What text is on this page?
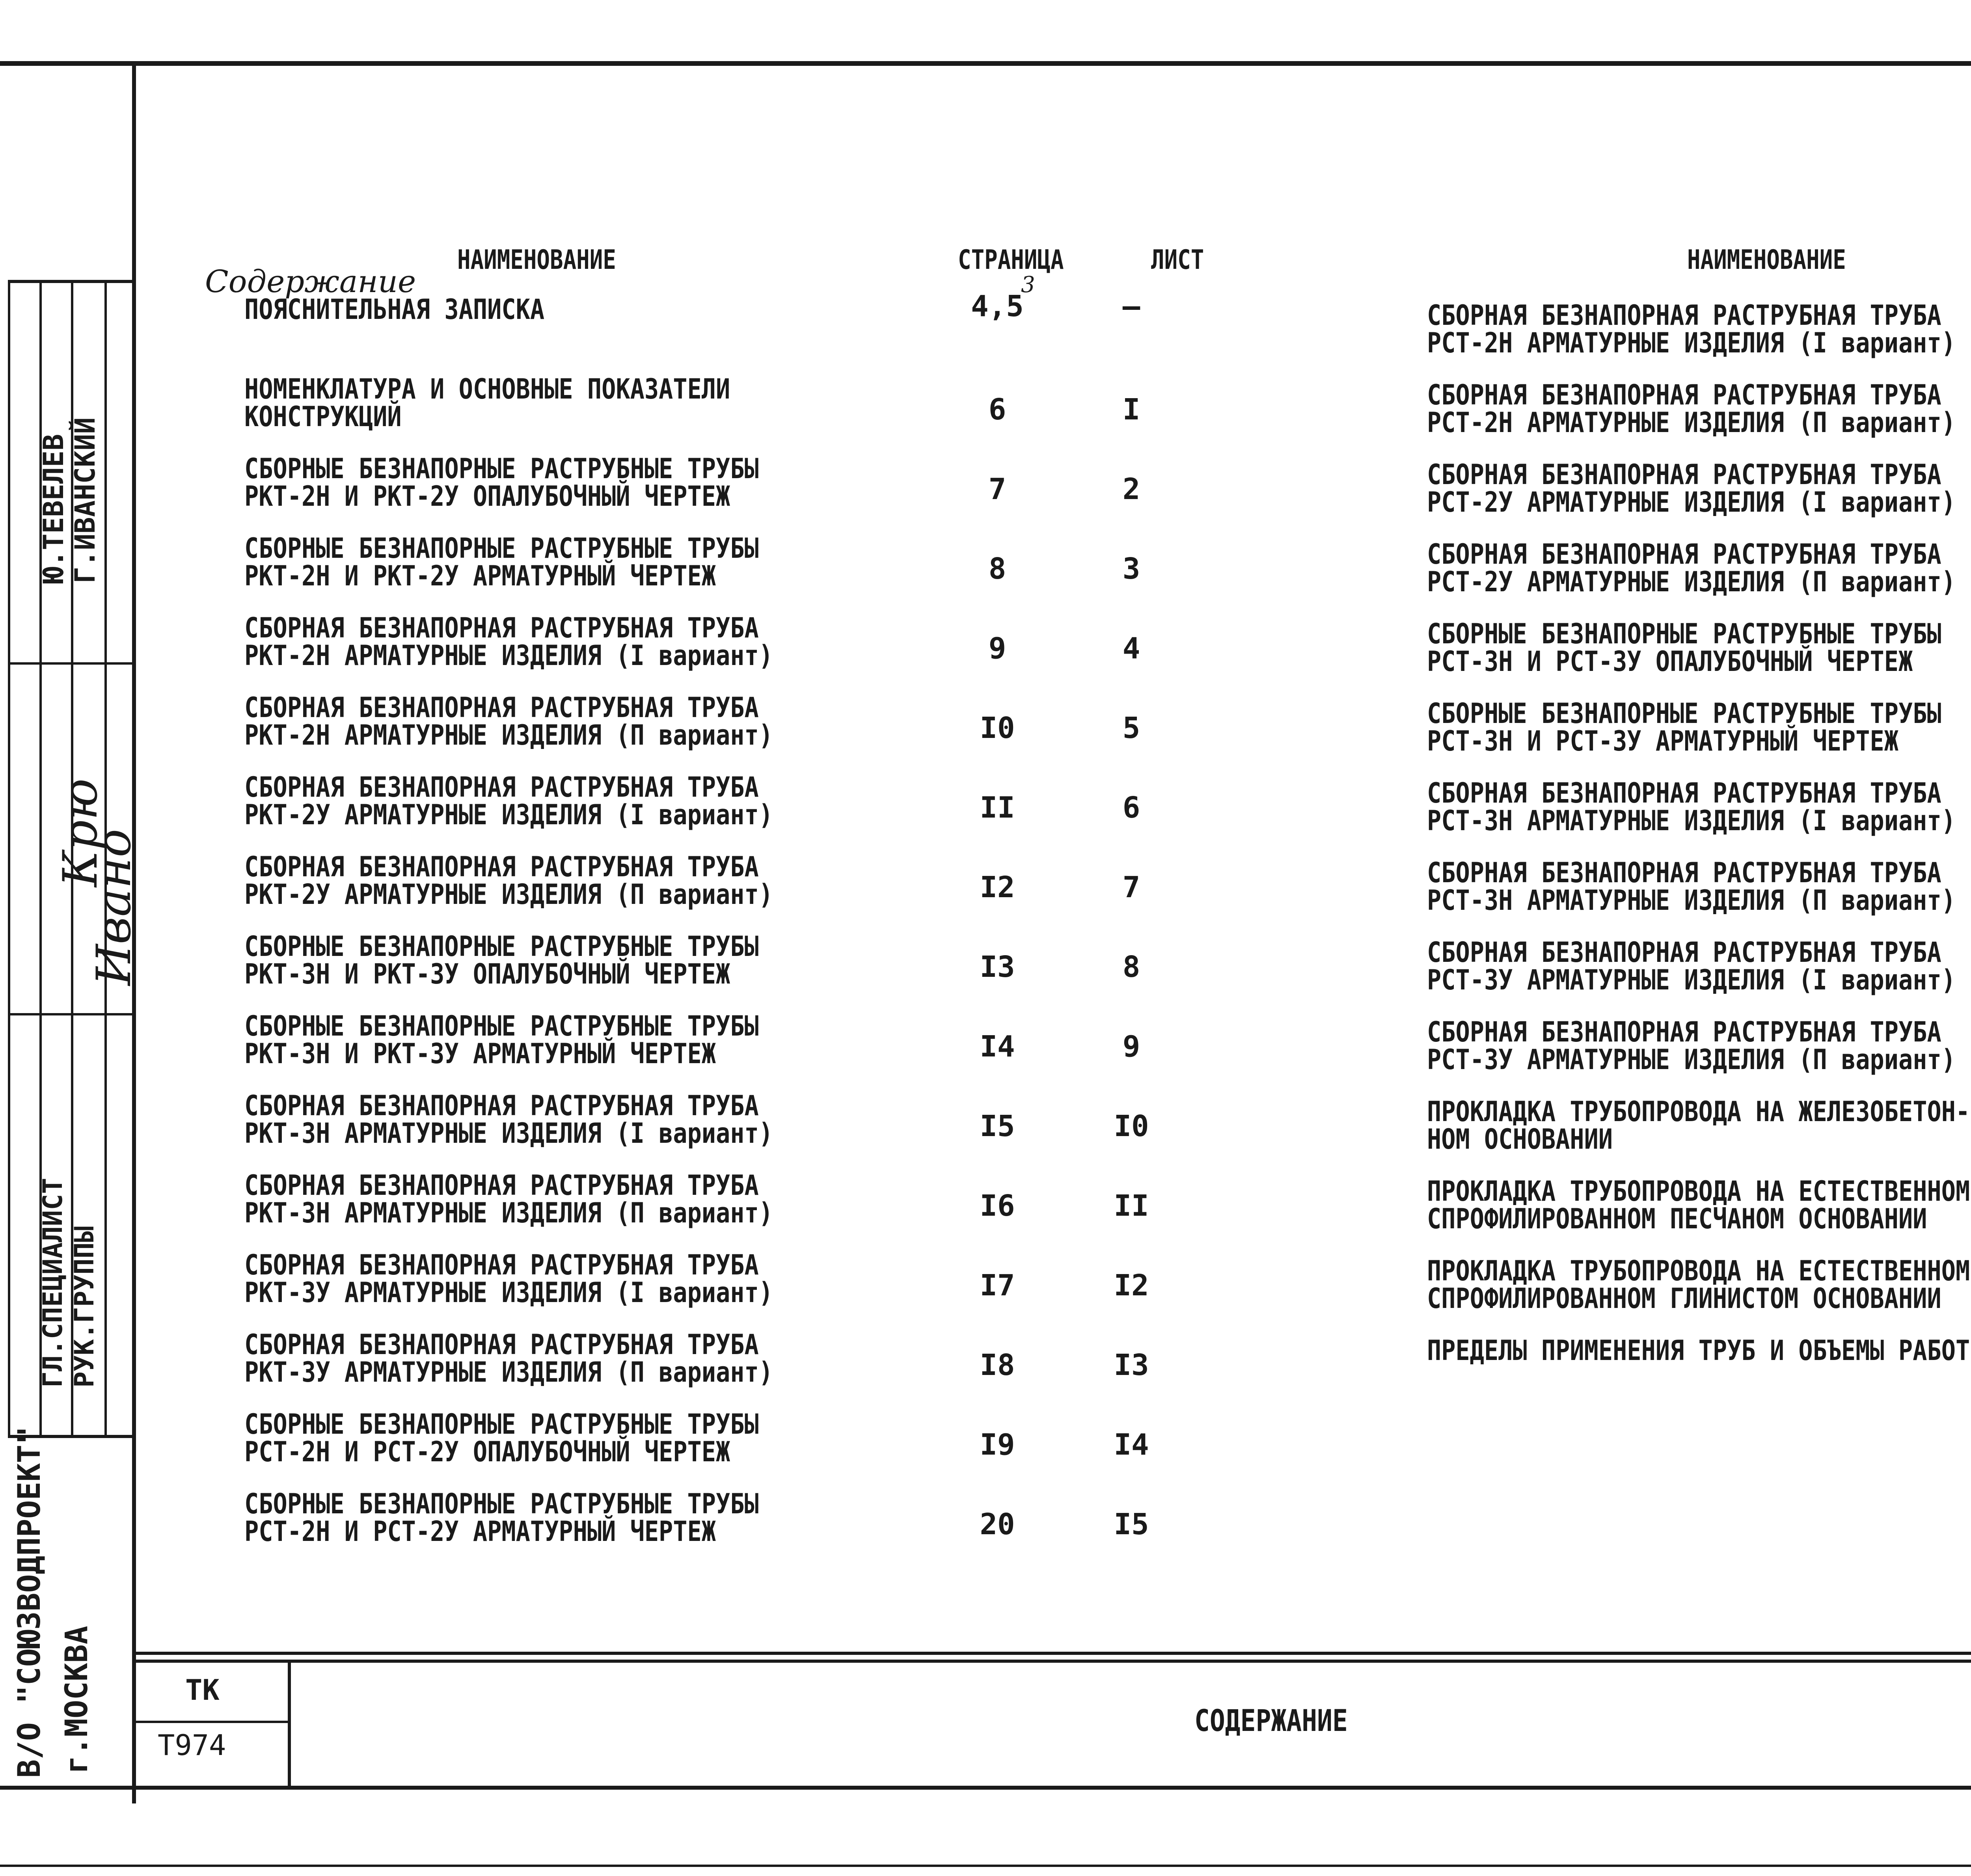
Ю.ТЕВЕЛЕВ
Г.ИВАНСКИЙ
Крю
Ивано
ГЛ.СПЕЦИАЛИСТ РУК.ГРУППЫ
В/О "СОЮЗВОДПРОЕКТ" г.МОСКВА
Содержание	3
НАИМЕНОВАНИЕ	СТРАНИЦА	ЛИСТ
ПОЯСНИТЕЛЬНАЯ ЗАПИСКА	4,5	—
НОМЕНКЛАТУРА И ОСНОВНЫЕ ПОКАЗАТЕЛИ
КОНСТРУКЦИЙ	6	I
СБОРНЫЕ БЕЗНАПОРНЫЕ РАСТРУБНЫЕ ТРУБЫ
РКТ-2Н И РКТ-2У ОПАЛУБОЧНЫЙ ЧЕРТЕЖ	7	2
СБОРНЫЕ БЕЗНАПОРНЫЕ РАСТРУБНЫЕ ТРУБЫ
РКТ-2Н И РКТ-2У АРМАТУРНЫЙ ЧЕРТЕЖ	8	3
СБОРНАЯ БЕЗНАПОРНАЯ РАСТРУБНАЯ ТРУБА
РКТ-2Н АРМАТУРНЫЕ ИЗДЕЛИЯ (I вариант)	9	4
СБОРНАЯ БЕЗНАПОРНАЯ РАСТРУБНАЯ ТРУБА
РКТ-2Н АРМАТУРНЫЕ ИЗДЕЛИЯ (П вариант)	I0	5
СБОРНАЯ БЕЗНАПОРНАЯ РАСТРУБНАЯ ТРУБА
РКТ-2У АРМАТУРНЫЕ ИЗДЕЛИЯ (I вариант)	II	6
СБОРНАЯ БЕЗНАПОРНАЯ РАСТРУБНАЯ ТРУБА
РКТ-2У АРМАТУРНЫЕ ИЗДЕЛИЯ (П вариант)	I2	7
СБОРНЫЕ БЕЗНАПОРНЫЕ РАСТРУБНЫЕ ТРУБЫ
РКТ-3Н И РКТ-3У ОПАЛУБОЧНЫЙ ЧЕРТЕЖ	I3	8
СБОРНЫЕ БЕЗНАПОРНЫЕ РАСТРУБНЫЕ ТРУБЫ
РКТ-3Н И РКТ-3У АРМАТУРНЫЙ ЧЕРТЕЖ	I4	9
СБОРНАЯ БЕЗНАПОРНАЯ РАСТРУБНАЯ ТРУБА
РКТ-3Н АРМАТУРНЫЕ ИЗДЕЛИЯ (I вариант)	I5	I0
СБОРНАЯ БЕЗНАПОРНАЯ РАСТРУБНАЯ ТРУБА
РКТ-3Н АРМАТУРНЫЕ ИЗДЕЛИЯ (П вариант)	I6	II
СБОРНАЯ БЕЗНАПОРНАЯ РАСТРУБНАЯ ТРУБА
РКТ-3У АРМАТУРНЫЕ ИЗДЕЛИЯ (I вариант)	I7	I2
СБОРНАЯ БЕЗНАПОРНАЯ РАСТРУБНАЯ ТРУБА
РКТ-3У АРМАТУРНЫЕ ИЗДЕЛИЯ (П вариант)	I8	I3
СБОРНЫЕ БЕЗНАПОРНЫЕ РАСТРУБНЫЕ ТРУБЫ
РСТ-2Н И РСТ-2У ОПАЛУБОЧНЫЙ ЧЕРТЕЖ	I9	I4
СБОРНЫЕ БЕЗНАПОРНЫЕ РАСТРУБНЫЕ ТРУБЫ
РСТ-2Н И РСТ-2У АРМАТУРНЫЙ ЧЕРТЕЖ	20	I5
НАИМЕНОВАНИЕ
СБОРНАЯ БЕЗНАПОРНАЯ РАСТРУБНАЯ ТРУБА
РСТ-2Н АРМАТУРНЫЕ ИЗДЕЛИЯ (I вариант)
СБОРНАЯ БЕЗНАПОРНАЯ РАСТРУБНАЯ ТРУБА
РСТ-2Н АРМАТУРНЫЕ ИЗДЕЛИЯ (П вариант)
СБОРНАЯ БЕЗНАПОРНАЯ РАСТРУБНАЯ ТРУБА
РСТ-2У АРМАТУРНЫЕ ИЗДЕЛИЯ (I вариант)
СБОРНАЯ БЕЗНАПОРНАЯ РАСТРУБНАЯ ТРУБА
РСТ-2У АРМАТУРНЫЕ ИЗДЕЛИЯ (П вариант)
СБОРНЫЕ БЕЗНАПОРНЫЕ РАСТРУБНЫЕ ТРУБЫ
РСТ-3Н И РСТ-3У ОПАЛУБОЧНЫЙ ЧЕРТЕЖ
СБОРНЫЕ БЕЗНАПОРНЫЕ РАСТРУБНЫЕ ТРУБЫ
РСТ-3Н И РСТ-3У АРМАТУРНЫЙ ЧЕРТЕЖ
СБОРНАЯ БЕЗНАПОРНАЯ РАСТРУБНАЯ ТРУБА
РСТ-3Н АРМАТУРНЫЕ ИЗДЕЛИЯ (I вариант)
СБОРНАЯ БЕЗНАПОРНАЯ РАСТРУБНАЯ ТРУБА
РСТ-3Н АРМАТУРНЫЕ ИЗДЕЛИЯ (П вариант)
СБОРНАЯ БЕЗНАПОРНАЯ РАСТРУБНАЯ ТРУБА
РСТ-3У АРМАТУРНЫЕ ИЗДЕЛИЯ (I вариант)
СБОРНАЯ БЕЗНАПОРНАЯ РАСТРУБНАЯ ТРУБА
РСТ-3У АРМАТУРНЫЕ ИЗДЕЛИЯ (П вариант)
ПРОКЛАДКА ТРУБОПРОВОДА НА ЖЕЛЕЗОБЕТОН-
НОМ ОСНОВАНИИ
ПРОКЛАДКА ТРУБОПРОВОДА НА ЕСТЕСТВЕННОМ
СПРОФИЛИРОВАННОМ ПЕСЧАНОМ ОСНОВАНИИ
ПРОКЛАДКА ТРУБОПРОВОДА НА ЕСТЕСТВЕННОМ
СПРОФИЛИРОВАННОМ ГЛИНИСТОМ ОСНОВАНИИ
ПРЕДЕЛЫ ПРИМЕНЕНИЯ ТРУБ И ОБЪЕМЫ РАБОТ
ТК
Т974
СОДЕРЖАНИЕ
